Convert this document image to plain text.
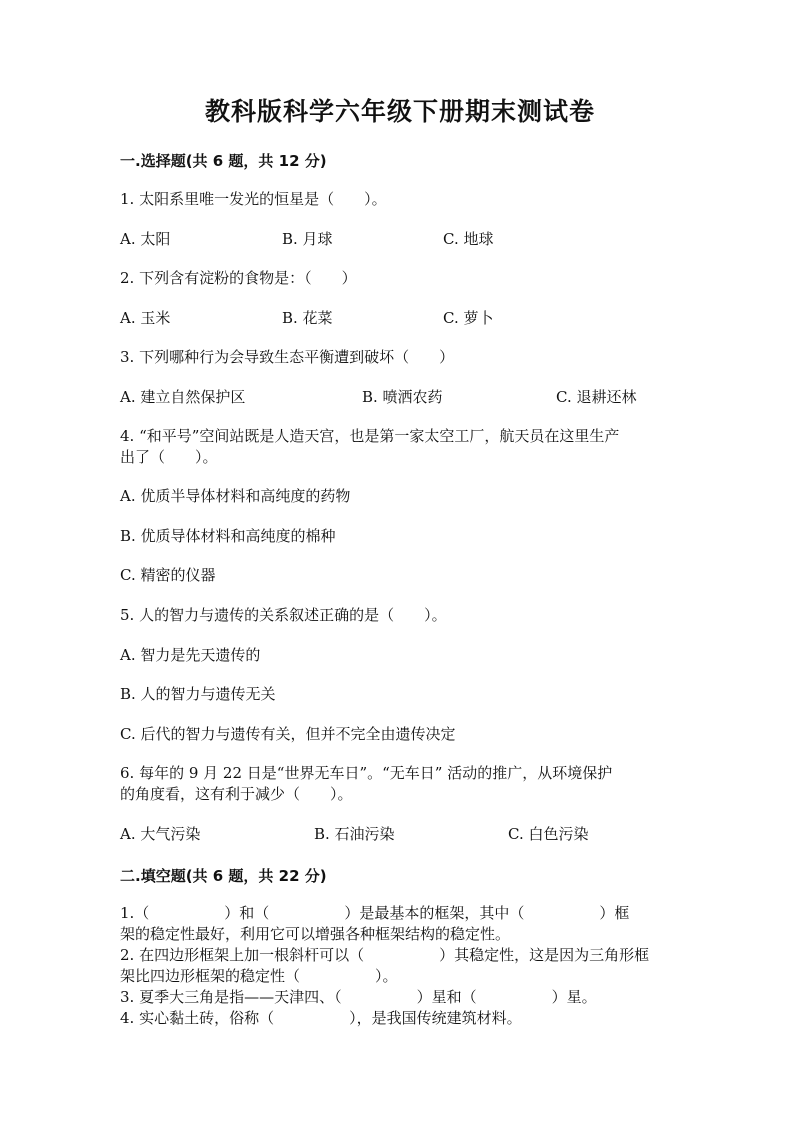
教科版科学六年级下册期末测试卷
一.选择题(共 6 题，共 12 分)
1. 太阳系里唯一发光的恒星是（　　）。
A. 太阳	B. 月球	C. 地球
2. 下列含有淀粉的食物是：（　　）
A. 玉米	B. 花菜	C. 萝卜
3. 下列哪种行为会导致生态平衡遭到破坏（　　）
A. 建立自然保护区	B. 喷洒农药	C. 退耕还林
4. “和平号”空间站既是人造天宫，也是第一家太空工厂，航天员在这里生产
出了（　　）。
A. 优质半导体材料和高纯度的药物
B. 优质导体材料和高纯度的棉种
C. 精密的仪器
5. 人的智力与遗传的关系叙述正确的是（　　）。
A. 智力是先天遗传的
B. 人的智力与遗传无关
C. 后代的智力与遗传有关，但并不完全由遗传决定
6. 每年的 9 月 22 日是“世界无车日”。“无车日” 活动的推广，从环境保护
的角度看，这有利于减少（　　）。
A. 大气污染	B. 石油污染	C. 白色污染
二.填空题(共 6 题，共 22 分)
1.（　　　　　）和（　　　　　）是最基本的框架，其中（　　　　　）框
架的稳定性最好，利用它可以增强各种框架结构的稳定性。
2. 在四边形框架上加一根斜杆可以（　　　　　）其稳定性，这是因为三角形框
架比四边形框架的稳定性（　　　　　）。
3. 夏季大三角是指——天津四、（　　　　　）星和（　　　　　）星。
4. 实心黏土砖，俗称（　　　　　），是我国传统建筑材料。
